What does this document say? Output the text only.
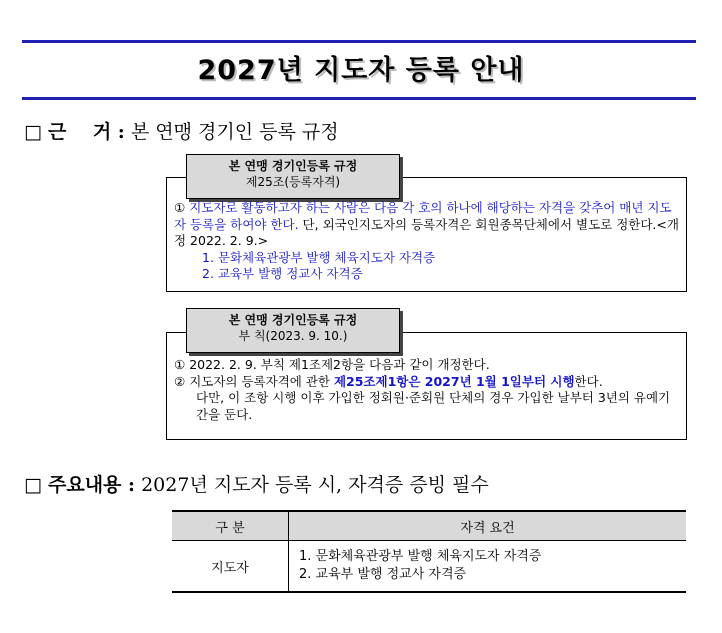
2027년 지도자 등록 안내
□ 근    거 : 본 연맹 경기인 등록 규정
본 연맹 경기인등록 규정
제25조(등록자격)
① 지도자로 활동하고자 하는 사람은 다음 각 호의 하나에 해당하는 자격을 갖추어 매년 지도자 등록을 하여야 한다. 단, 외국인지도자의 등록자격은 회원종목단체에서 별도로 정한다.<개정 2022. 2. 9.>
1. 문화체육관광부 발행 체육지도자 자격증
2. 교육부 발행 정교사 자격증
본 연맹 경기인등록 규정
부 칙(2023. 9. 10.)
① 2022. 2. 9. 부칙 제1조제2항을 다음과 같이 개정한다.
② 지도자의 등록자격에 관한 제25조제1항은 2027년 1월 1일부터 시행한다.
다만, 이 조항 시행 이후 가입한 정회원·준회원 단체의 경우 가입한 날부터 3년의 유예기간을 둔다.
□ 주요내용 : 2027년 지도자 등록 시, 자격증 증빙 필수
구 분	자격 요건
지도자	1. 문화체육관광부 발행 체육지도자 자격증
2. 교육부 발행 정교사 자격증
